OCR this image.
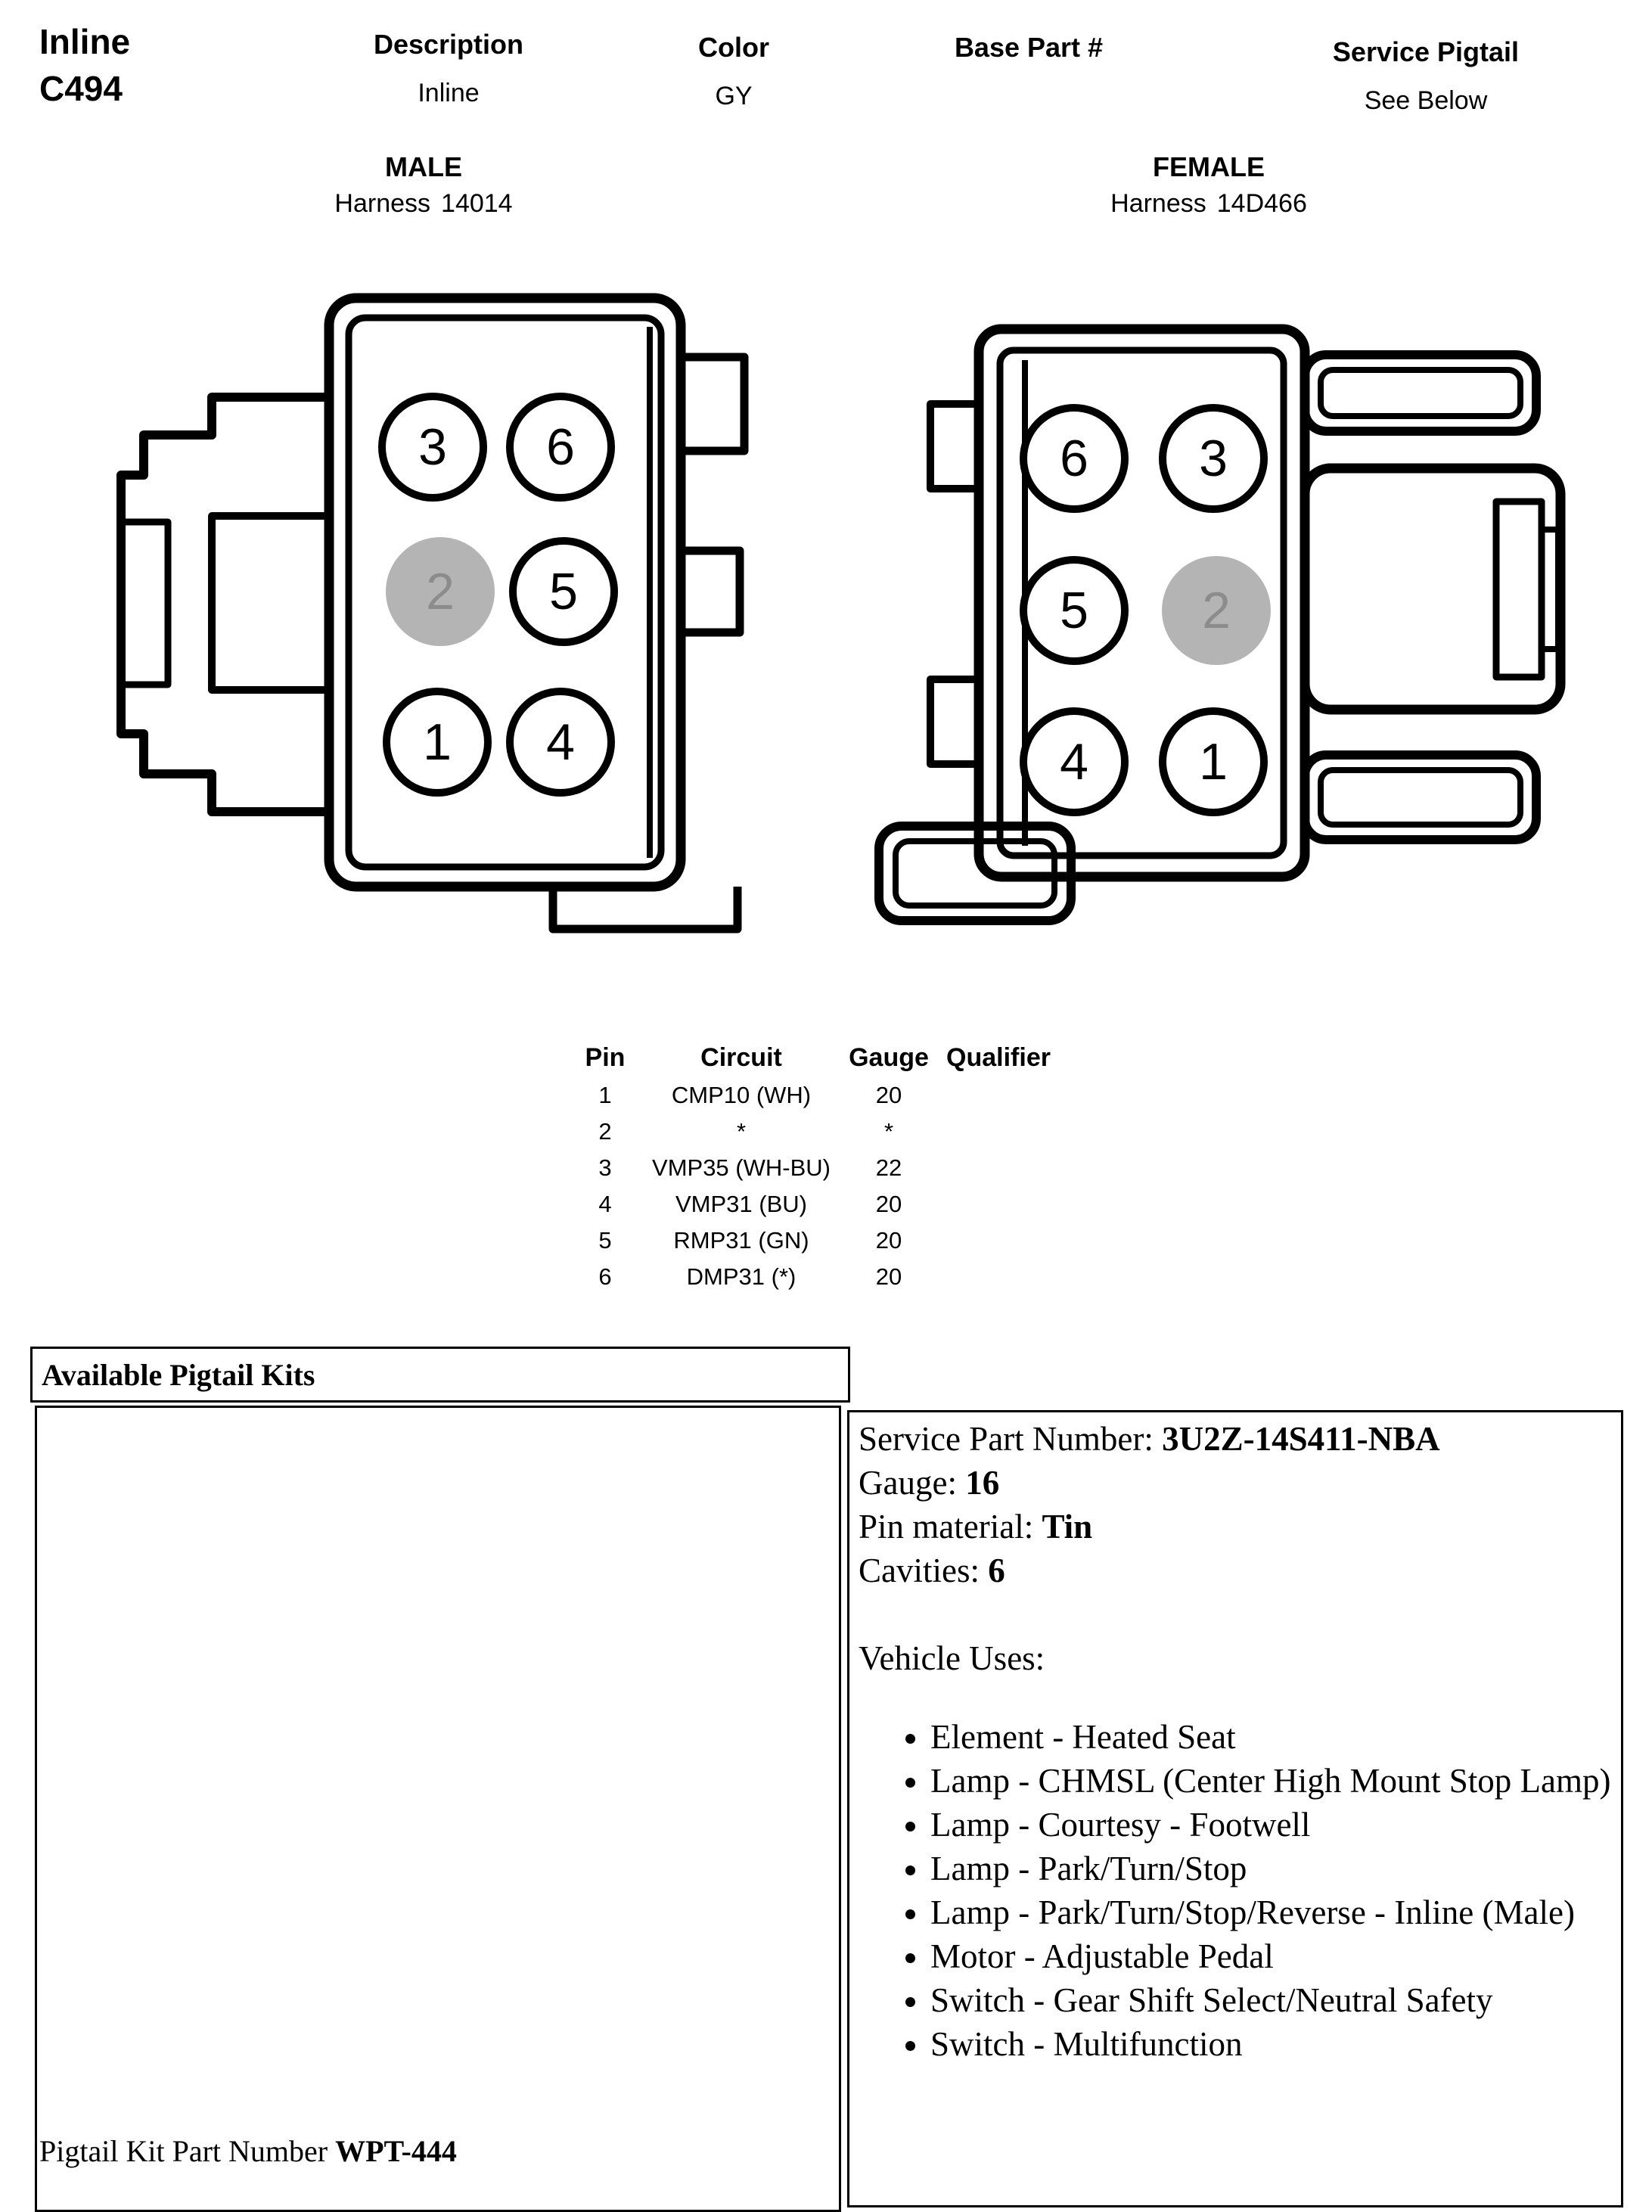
Inline
C494
Description
Inline
Color
GY
Base Part #	Service Pigtail
See Below
MALE
Harness 14014
FEMALE
Harness 14D466
3	6
2	5
1	4
6	3
5	2
4	1
Pin	Circuit	Gauge Qualifier
1	CMP10 (WH)	20
2	*	*
3	VMP35 (WH-BU)	22
4	VMP31 (BU)	20
5	RMP31 (GN)	20
6	DMP31 (*)	20
Available Pigtail Kits
Pigtail Kit Part Number WPT-444

Service Part Number: 3U2Z-14S411-NBA

Gauge: 16

Pin material: Tin

Cavities: 6

Vehicle Uses:

• Element - Heated Seat
• Lamp - CHMSL (Center High Mount Stop Lamp)
• Lamp - Courtesy - Footwell
• Lamp - Park/Turn/Stop
• Lamp - Park/Turn/Stop/Reverse - Inline (Male)
• Motor - Adjustable Pedal
• Switch - Gear Shift Select/Neutral Safety
• Switch - Multifunction
